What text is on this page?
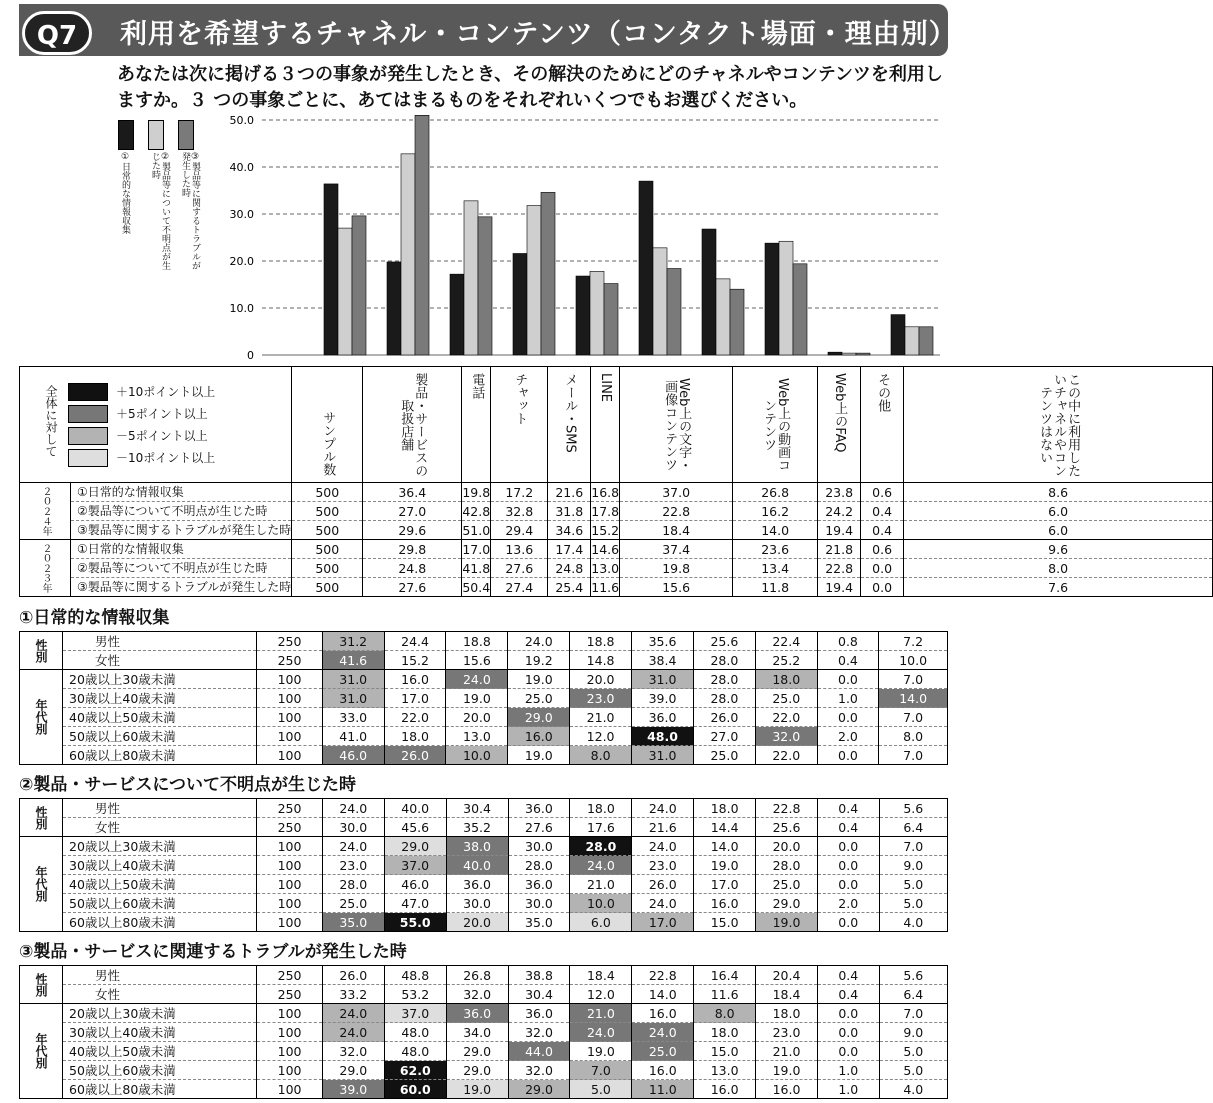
Q7	利用を希望するチャネル・コンテンツ（コンタクト場面・理由別）
あなたは次に掲げる３つの事象が発生したとき、その解決のためにどのチャネルやコンテンツを利用しますか。３ つの事象ごとに、あてはまるものをそれぞれいくつでもお選びください。
①日常的な情報収集	②製品等について不明点が生じた時	③製品等に関するトラブルが発生した時
0
10.0
20.0
30.0
40.0
50.0
全体に対して ＋10ポイント以上
＋5ポイント以上
－5ポイント以上
－10ポイント以上		サンプル数	製品・サービスの取扱店舗	電話	チャット	メール・SMS	LINE	Web上の文字・画像コンテンツ	Web上の動画コンテンツ	Web上のFAQ	その他	この中に利用したいチャネルやコンテンツはない

２０２４年	①日常的な情報収集	500	36.4	19.8	17.2	21.6	16.8	37.0	26.8	23.8	0.6	8.6
	②製品等について不明点が生じた時	500	27.0	42.8	32.8	31.8	17.8	22.8	16.2	24.2	0.4	6.0
	③製品等に関するトラブルが発生した時	500	29.6	51.0	29.4	34.6	15.2	18.4	14.0	19.4	0.4	6.0

２０２３年	①日常的な情報収集	500	29.8	17.0	13.6	17.4	14.6	37.4	23.6	21.8	0.6	9.6
	②製品等について不明点が生じた時	500	24.8	41.8	27.6	24.8	13.0	19.8	13.4	22.8	0.0	8.0
	③製品等に関するトラブルが発生した時	500	27.6	50.4	27.4	25.4	11.6	15.6	11.8	19.4	0.0	7.6
①日常的な情報収集
性別	男性	250	31.2	24.4	18.8	24.0	18.8	35.6	25.6	22.4	0.8	7.2
	女性	250	41.6	15.2	15.6	19.2	14.8	38.4	28.0	25.2	0.4	10.0

年代別	20歳以上30歳未満	100	31.0	16.0	24.0	19.0	20.0	31.0	28.0	18.0	0.0	7.0
	30歳以上40歳未満	100	31.0	17.0	19.0	25.0	23.0	39.0	28.0	25.0	1.0	14.0
	40歳以上50歳未満	100	33.0	22.0	20.0	29.0	21.0	36.0	26.0	22.0	0.0	7.0
	50歳以上60歳未満	100	41.0	18.0	13.0	16.0	12.0	48.0	27.0	32.0	2.0	8.0
	60歳以上80歳未満	100	46.0	26.0	10.0	19.0	8.0	31.0	25.0	22.0	0.0	7.0
②製品・サービスについて不明点が生じた時
性別	男性	250	24.0	40.0	30.4	36.0	18.0	24.0	18.0	22.8	0.4	5.6
	女性	250	30.0	45.6	35.2	27.6	17.6	21.6	14.4	25.6	0.4	6.4

年代別	20歳以上30歳未満	100	24.0	29.0	38.0	30.0	28.0	24.0	14.0	20.0	0.0	7.0
	30歳以上40歳未満	100	23.0	37.0	40.0	28.0	24.0	23.0	19.0	28.0	0.0	9.0
	40歳以上50歳未満	100	28.0	46.0	36.0	36.0	21.0	26.0	17.0	25.0	0.0	5.0
	50歳以上60歳未満	100	25.0	47.0	30.0	30.0	10.0	24.0	16.0	29.0	2.0	5.0
	60歳以上80歳未満	100	35.0	55.0	20.0	35.0	6.0	17.0	15.0	19.0	0.0	4.0
③製品・サービスに関連するトラブルが発生した時
性別	男性	250	26.0	48.8	26.8	38.8	18.4	22.8	16.4	20.4	0.4	5.6
	女性	250	33.2	53.2	32.0	30.4	12.0	14.0	11.6	18.4	0.4	6.4

年代別	20歳以上30歳未満	100	24.0	37.0	36.0	36.0	21.0	16.0	8.0	18.0	0.0	7.0
	30歳以上40歳未満	100	24.0	48.0	34.0	32.0	24.0	24.0	18.0	23.0	0.0	9.0
	40歳以上50歳未満	100	32.0	48.0	29.0	44.0	19.0	25.0	15.0	21.0	0.0	5.0
	50歳以上60歳未満	100	29.0	62.0	29.0	32.0	7.0	16.0	13.0	19.0	1.0	5.0
	60歳以上80歳未満	100	39.0	60.0	19.0	29.0	5.0	11.0	16.0	16.0	1.0	4.0
